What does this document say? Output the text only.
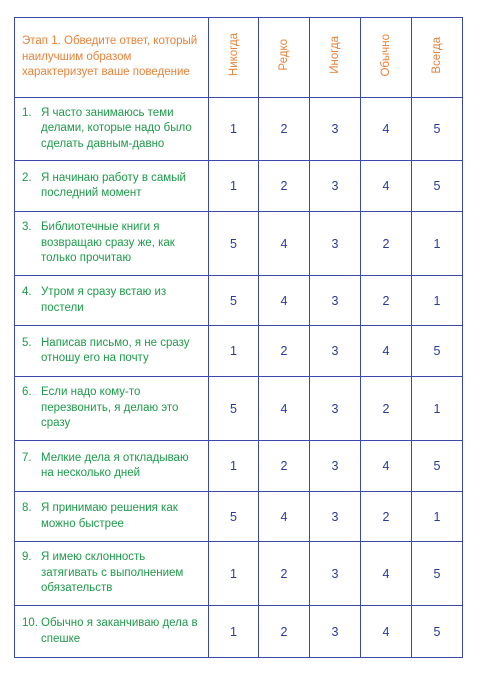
Этап 1. Обведите ответ, который наилучшим образом характеризует ваше поведение	Никогда	Редко	Иногда	Обычно	Всегда

1. Я часто занимаюсь теми делами, которые надо было сделать давным-давно	1	2	3	4	5

2. Я начинаю работу в самый последний момент	1	2	3	4	5

3. Библиотечные книги я возвращаю сразу же, как только прочитаю	5	4	3	2	1

4. Утром я сразу встаю из постели	5	4	3	2	1

5. Написав письмо, я не сразу отношу его на почту	1	2	3	4	5

6. Если надо кому-то перезвонить, я делаю это сразу	5	4	3	2	1

7. Мелкие дела я откладываю на несколько дней	1	2	3	4	5

8. Я принимаю решения как можно быстрее	5	4	3	2	1

9. Я имею склонность затягивать с выполнением обязательств	1	2	3	4	5

10. Обычно я заканчиваю дела в спешке	1	2	3	4	5
